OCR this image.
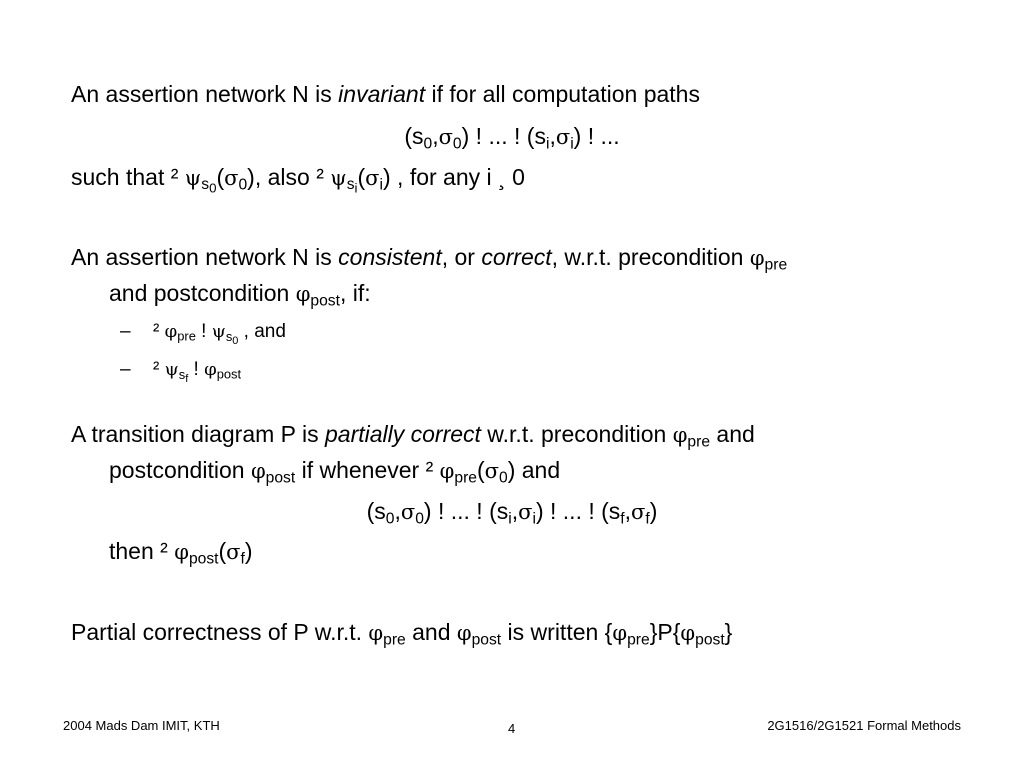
An assertion network N is invariant if for all computation paths
$(s_0,\sigma_0)$ ! ... ! $(s_i,\sigma_i)$ ! ...
such that ² $\psi_{s_0}(\sigma_0)$, also ² $\psi_{s_i}(\sigma_i)$ , for any i ¸ 0
An assertion network N is consistent, or correct, w.r.t. precondition $\varphi_{pre}$
and postcondition $\varphi_{post}$, if:
– ² $\varphi_{pre}$ ! $\psi_{s_0}$ , and
– ² $\psi_{s_f}$ ! $\varphi_{post}$
A transition diagram P is partially correct w.r.t. precondition $\varphi_{pre}$ and
postcondition $\varphi_{post}$ if whenever ² $\varphi_{pre}(\sigma_0)$ and
$(s_0,\sigma_0)$ ! ... ! $(s_i,\sigma_i)$ ! ... ! $(s_f,\sigma_f)$
then ² $\varphi_{post}(\sigma_f)$
Partial correctness of P w.r.t. $\varphi_{pre}$ and $\varphi_{post}$ is written $\{\varphi_{pre}\}P\{\varphi_{post}\}$
2004 Mads Dam IMIT, KTH	4	2G1516/2G1521 Formal Methods
